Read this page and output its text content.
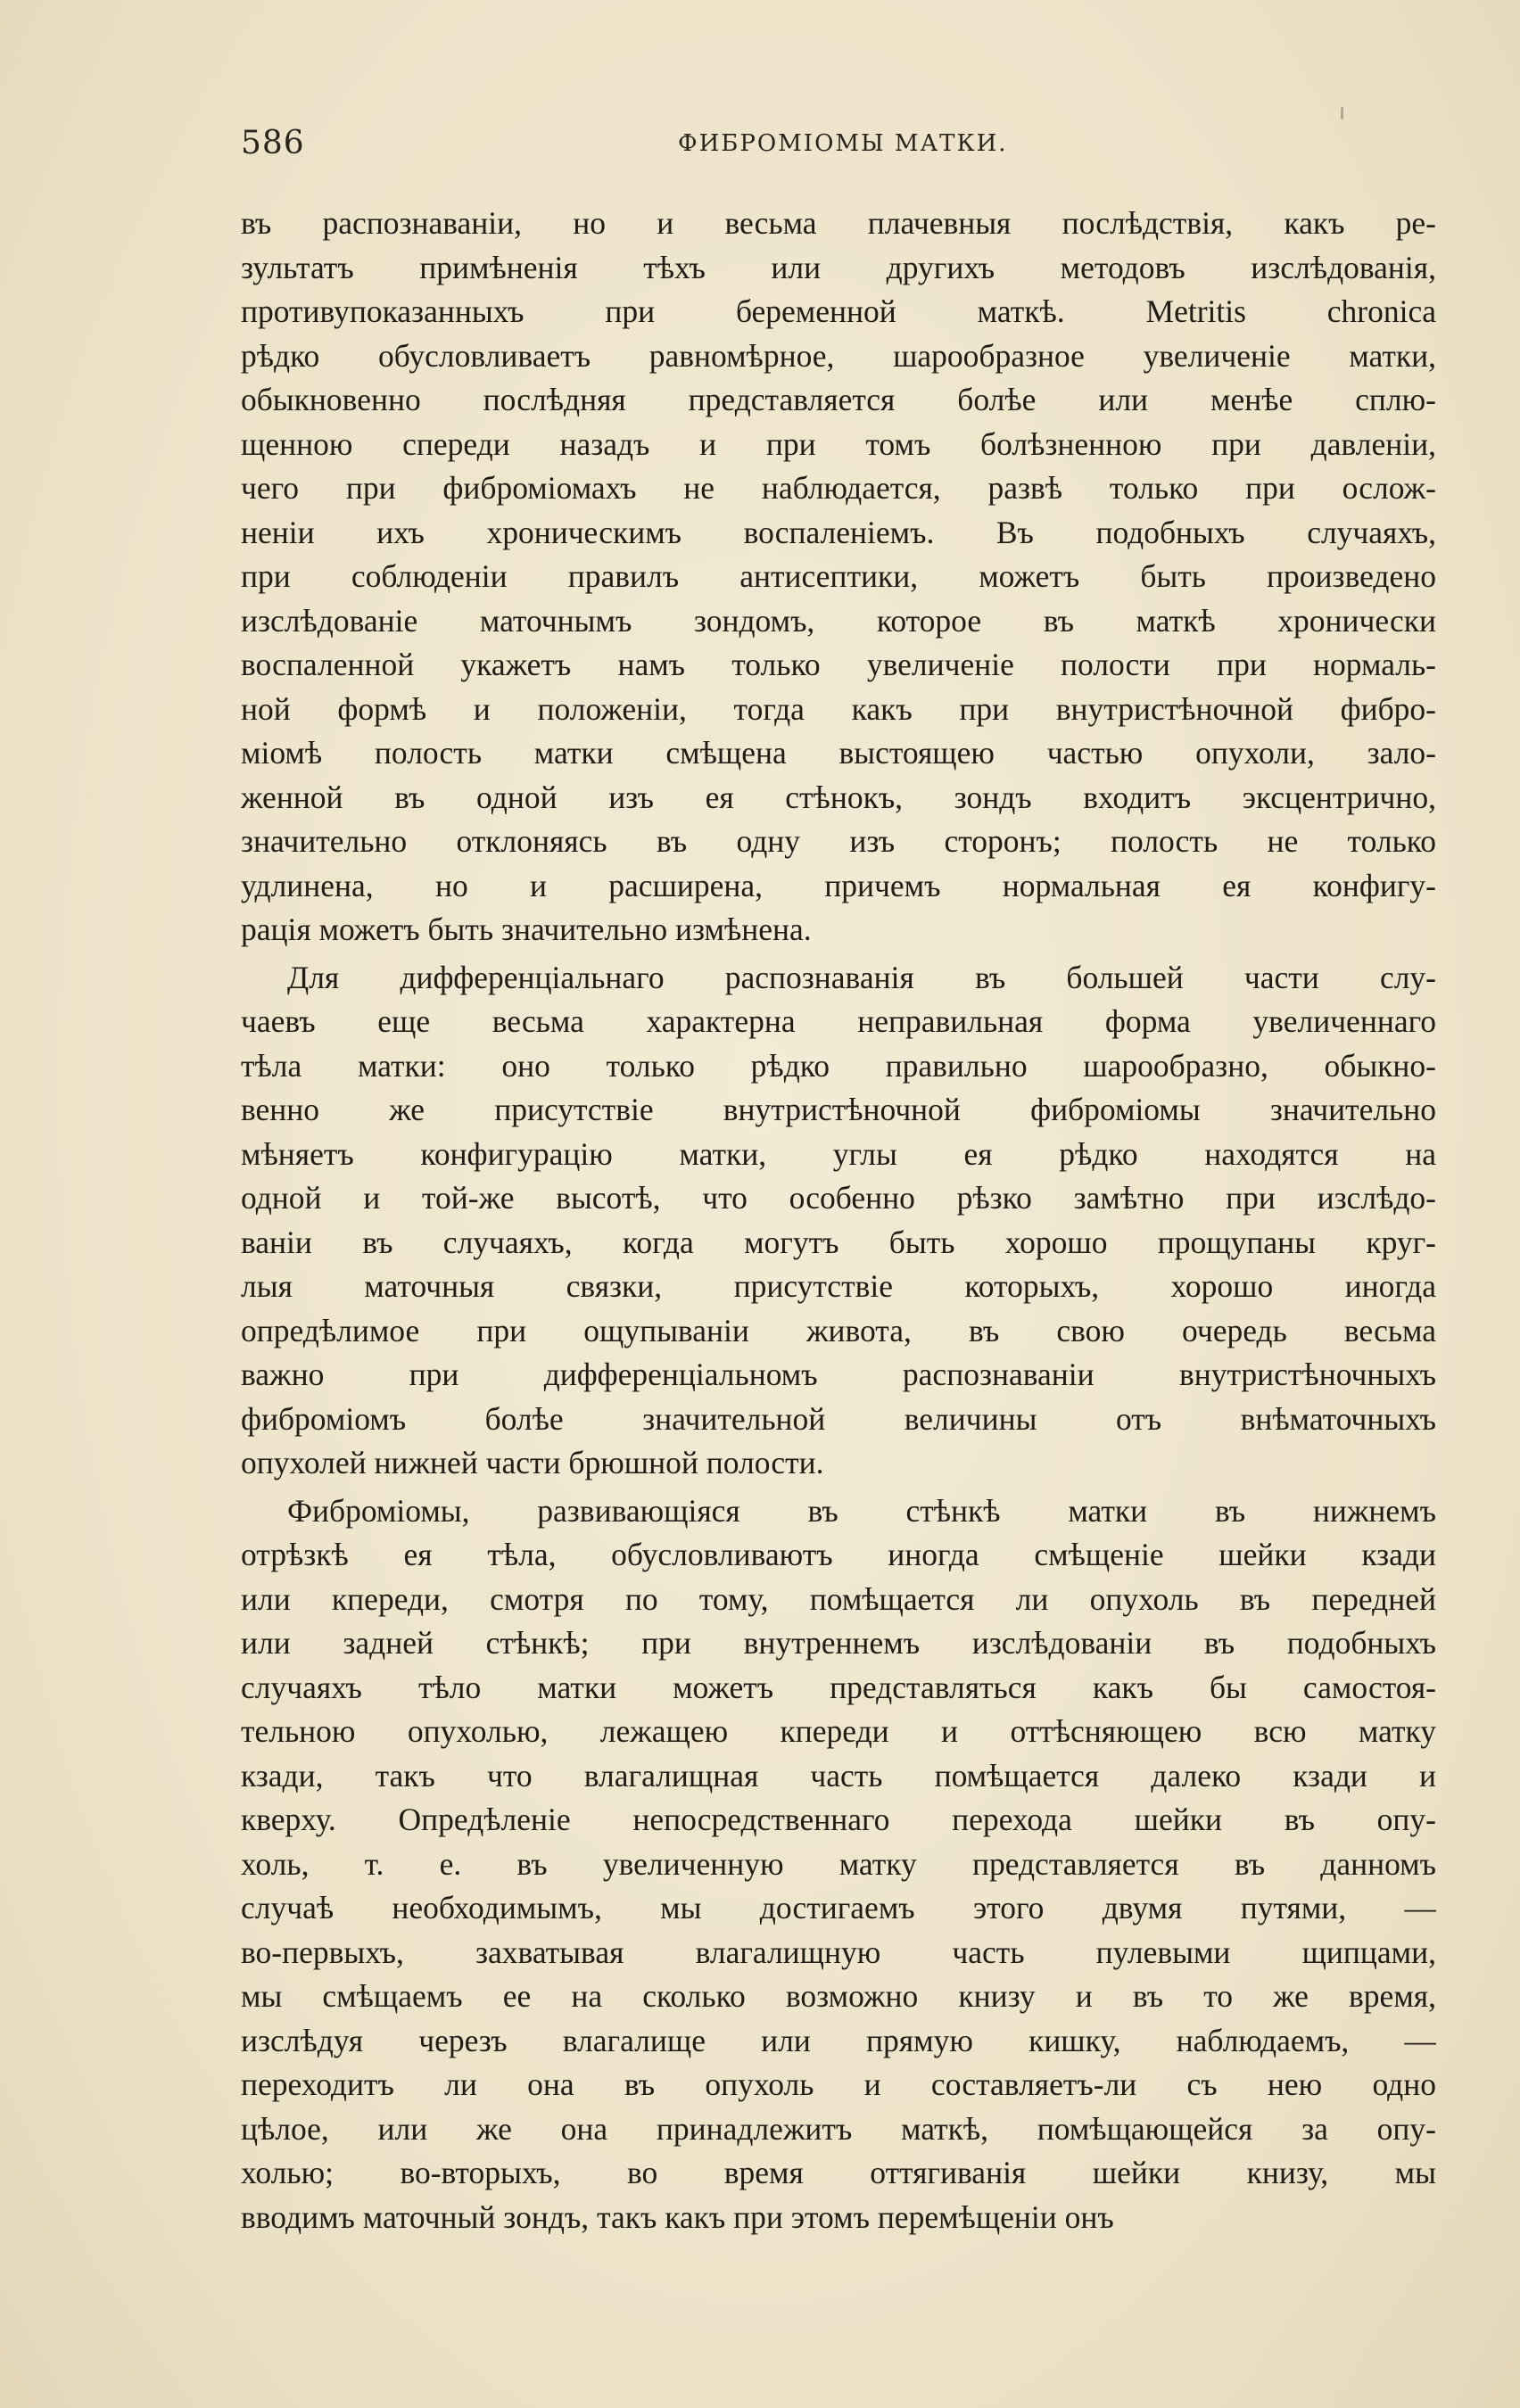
586	ФИБРОМІОМЫ МАТКИ.
въ распознаваніи, но и весьма плачевныя послѣдствія, какъ ре-
зультатъ примѣненія тѣхъ или другихъ методовъ изслѣдованія,
противупоказанныхъ при беременной маткѣ. Metritis chronica
рѣдко обусловливаетъ равномѣрное, шарообразное увеличеніе матки,
обыкновенно послѣдняя представляется болѣе или менѣе сплю-
щенною спереди назадъ и при томъ болѣзненною при давленіи,
чего при фиброміомахъ не наблюдается, развѣ только при ослож-
неніи ихъ хроническимъ воспаленіемъ. Въ подобныхъ случаяхъ,
при соблюденіи правилъ антисептики, можетъ быть произведено
изслѣдованіе маточнымъ зондомъ, которое въ маткѣ хронически
воспаленной укажетъ намъ только увеличеніе полости при нормаль-
ной формѣ и положеніи, тогда какъ при внутристѣночной фибро-
міомѣ полость матки смѣщена выстоящею частью опухоли, зало-
женной въ одной изъ ея стѣнокъ, зондъ входитъ эксцентрично,
значительно отклоняясь въ одну изъ сторонъ; полость не только
удлинена, но и расширена, причемъ нормальная ея конфигу-
рація можетъ быть значительно измѣнена.
Для дифференціальнаго распознаванія въ большей части слу-
чаевъ еще весьма характерна неправильная форма увеличеннаго
тѣла матки: оно только рѣдко правильно шарообразно, обыкно-
венно же присутствіе внутристѣночной фиброміомы значительно
мѣняетъ конфигурацію матки, углы ея рѣдко находятся на
одной и той-же высотѣ, что особенно рѣзко замѣтно при изслѣдо-
ваніи въ случаяхъ, когда могутъ быть хорошо прощупаны круг-
лыя маточныя связки, присутствіе которыхъ, хорошо иногда
опредѣлимое при ощупываніи живота, въ свою очередь весьма
важно при дифференціальномъ распознаваніи внутристѣночныхъ
фиброміомъ болѣе значительной величины отъ внѣматочныхъ
опухолей нижней части брюшной полости.
Фиброміомы, развивающіяся въ стѣнкѣ матки въ нижнемъ
отрѣзкѣ ея тѣла, обусловливаютъ иногда смѣщеніе шейки кзади
или кпереди, смотря по тому, помѣщается ли опухоль въ передней
или задней стѣнкѣ; при внутреннемъ изслѣдованіи въ подобныхъ
случаяхъ тѣло матки можетъ представляться какъ бы самостоя-
тельною опухолью, лежащею кпереди и оттѣсняющею всю матку
кзади, такъ что влагалищная часть помѣщается далеко кзади и
кверху. Опредѣленіе непосредственнаго перехода шейки въ опу-
холь, т. е. въ увеличенную матку представляется въ данномъ
случаѣ необходимымъ, мы достигаемъ этого двумя путями, —
во-первыхъ, захватывая влагалищную часть пулевыми щипцами,
мы смѣщаемъ ее на сколько возможно книзу и въ то же время,
изслѣдуя черезъ влагалище или прямую кишку, наблюдаемъ, —
переходитъ ли она въ опухоль и составляетъ-ли съ нею одно
цѣлое, или же она принадлежитъ маткѣ, помѣщающейся за опу-
холью; во-вторыхъ, во время оттягиванія шейки книзу, мы
вводимъ маточный зондъ, такъ какъ при этомъ перемѣщеніи онъ
